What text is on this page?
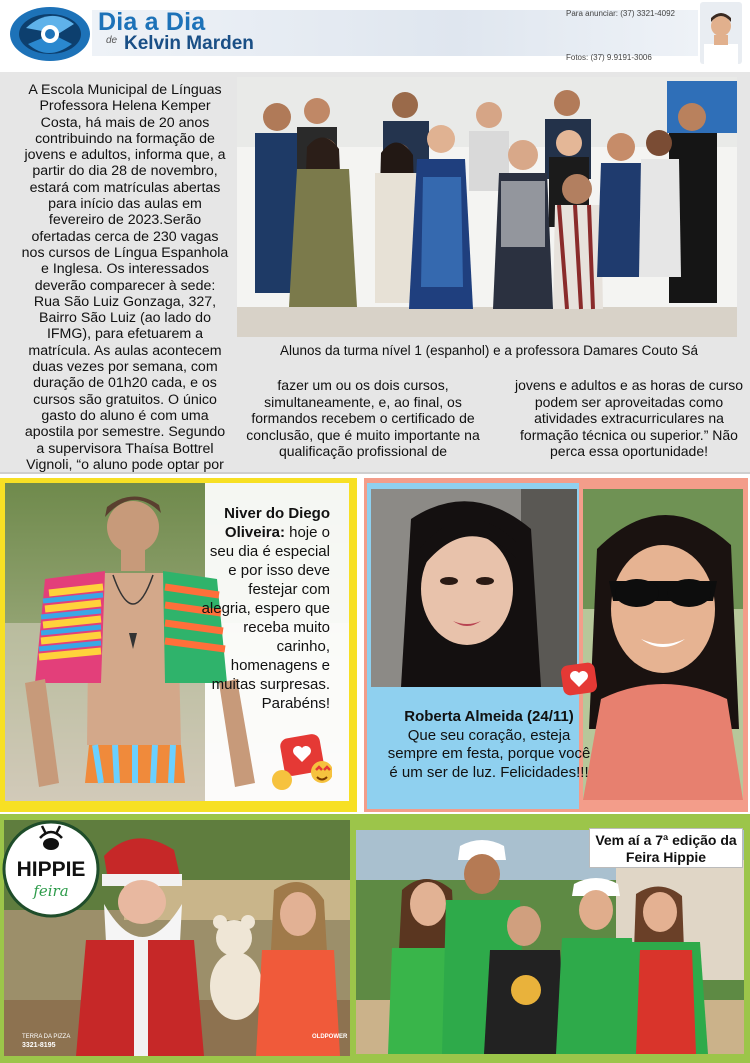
Dia a Dia
de Kelvin Marden
Para anunciar: (37) 3321-4092
Fotos: (37) 9.9191-3006
A Escola Municipal de Línguas Professora Helena Kemper Costa, há mais de 20 anos contribuindo na formação de jovens e adultos, informa que, a partir do dia 28 de novembro, estará com matrículas abertas para início das aulas em fevereiro de 2023.Serão ofertadas cerca de 230 vagas nos cursos de Língua Espanhola e Inglesa. Os interessados deverão comparecer à sede: Rua São Luiz Gonzaga, 327, Bairro São Luiz (ao lado do IFMG), para efetuarem a matrícula. As aulas acontecem duas vezes por semana, com duração de 01h20 cada, e os cursos são gratuitos. O único gasto do aluno é com uma apostila por semestre. Segundo a supervisora Thaísa Bottrel Vignoli, “o aluno pode optar por
Alunos da turma nível 1 (espanhol) e a professora Damares Couto Sá
fazer um ou os dois cursos, simultaneamente, e, ao final, os formandos recebem o certificado de conclusão, que é muito importante na qualificação profissional de
jovens e adultos e as horas de curso podem ser aproveitadas como atividades extracurriculares na formação técnica ou superior.” Não perca essa oportunidade!
Niver do Diego Oliveira: hoje o seu dia é especial e por isso deve festejar com alegria, espero que receba muito carinho, homenagens e muitas surpresas. Parabéns!
Roberta Almeida (24/11)
Que seu coração, esteja sempre em festa, porque você é um ser de luz. Felicidades!!!
HIPPIE
feira
TERRA DA PIZZA
3321-8195
OLDPOWER
Vem aí a 7ª edição da Feira Hippie
